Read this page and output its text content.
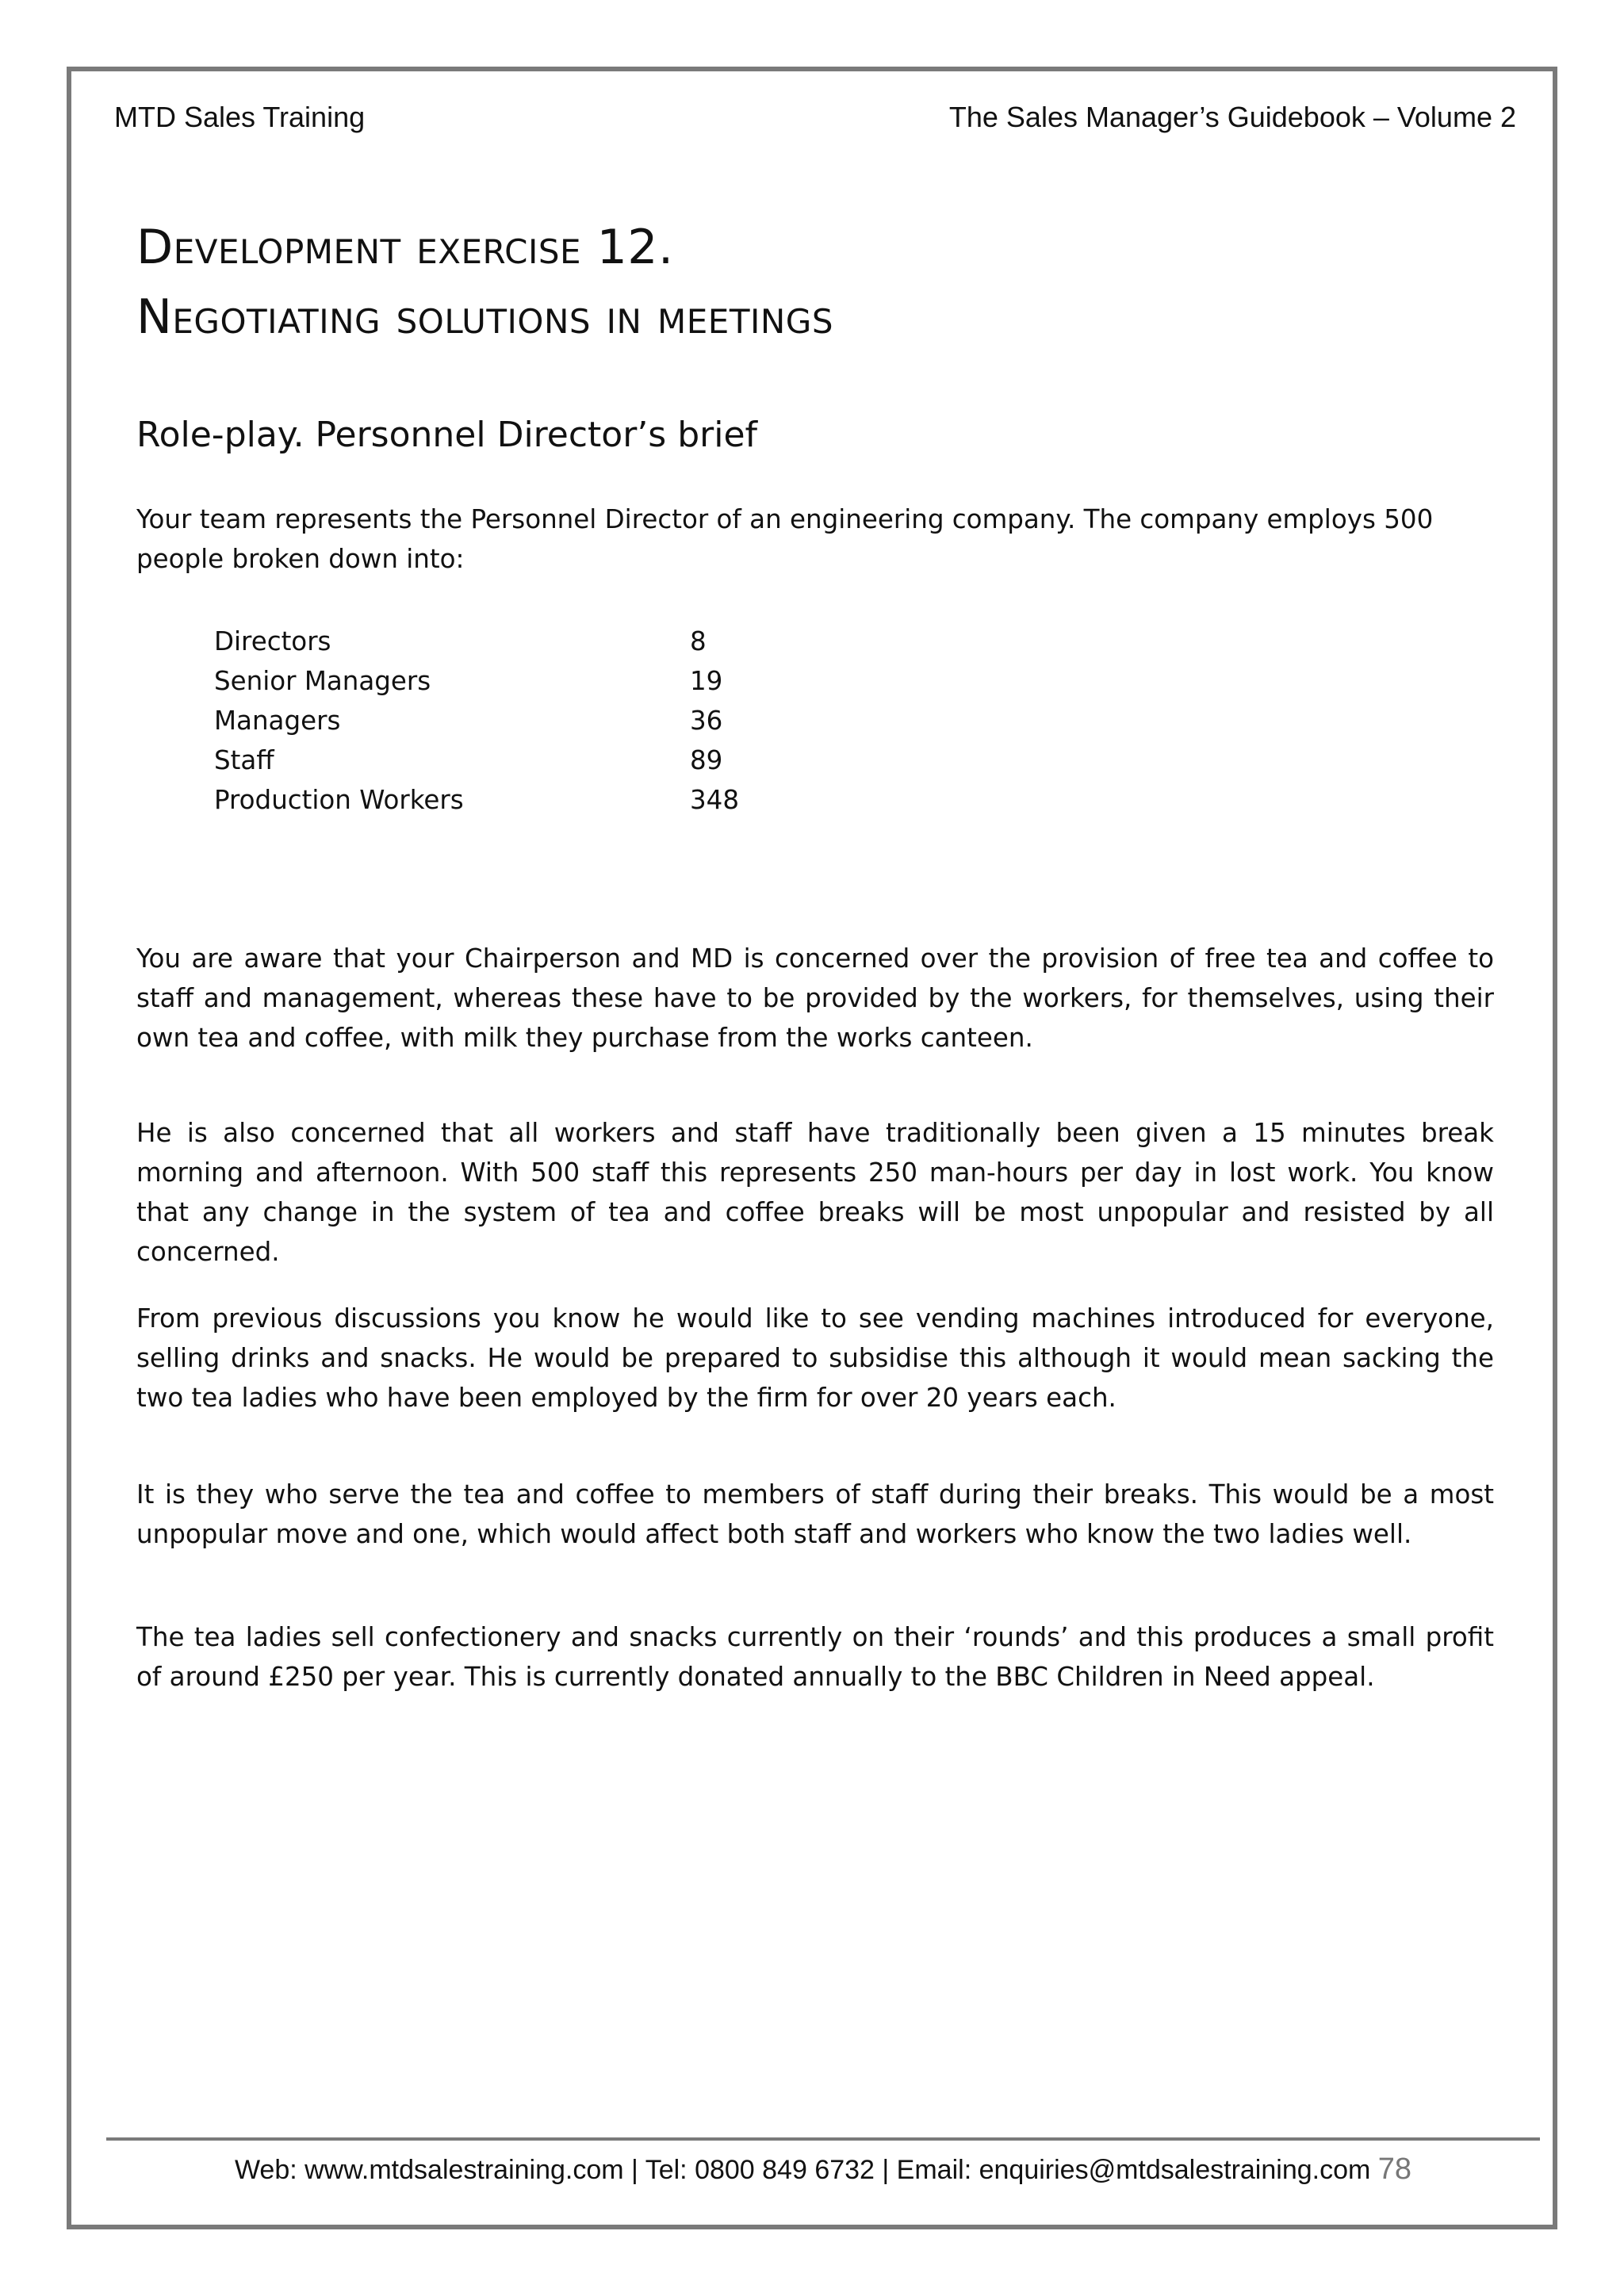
MTD Sales Training	The Sales Manager’s Guidebook – Volume 2
Development exercise 12.
Negotiating solutions in meetings
Role-play. Personnel Director’s brief

Your team represents the Personnel Director of an engineering company. The company employs 500 people broken down into:

Directors	8
Senior Managers	19
Managers	36
Staff	89
Production Workers	348

You are aware that your Chairperson and MD is concerned over the provision of free tea and coffee to staff and management, whereas these have to be provided by the workers, for themselves, using their own tea and coffee, with milk they purchase from the works canteen.

He is also concerned that all workers and staff have traditionally been given a 15 minutes break morning and afternoon. With 500 staff this represents 250 man-hours per day in lost work. You know that any change in the system of tea and coffee breaks will be most unpopular and resisted by all concerned.

From previous discussions you know he would like to see vending machines introduced for everyone, selling drinks and snacks. He would be prepared to subsidise this although it would mean sacking the two tea ladies who have been employed by the firm for over 20 years each.

It is they who serve the tea and coffee to members of staff during their breaks. This would be a most unpopular move and one, which would affect both staff and workers who know the two ladies well.

The tea ladies sell confectionery and snacks currently on their ‘rounds’ and this produces a small profit of around £250 per year. This is currently donated annually to the BBC Children in Need appeal.

Web: www.mtdsalestraining.com | Tel: 0800 849 6732 | Email: enquiries@mtdsalestraining.com 78
